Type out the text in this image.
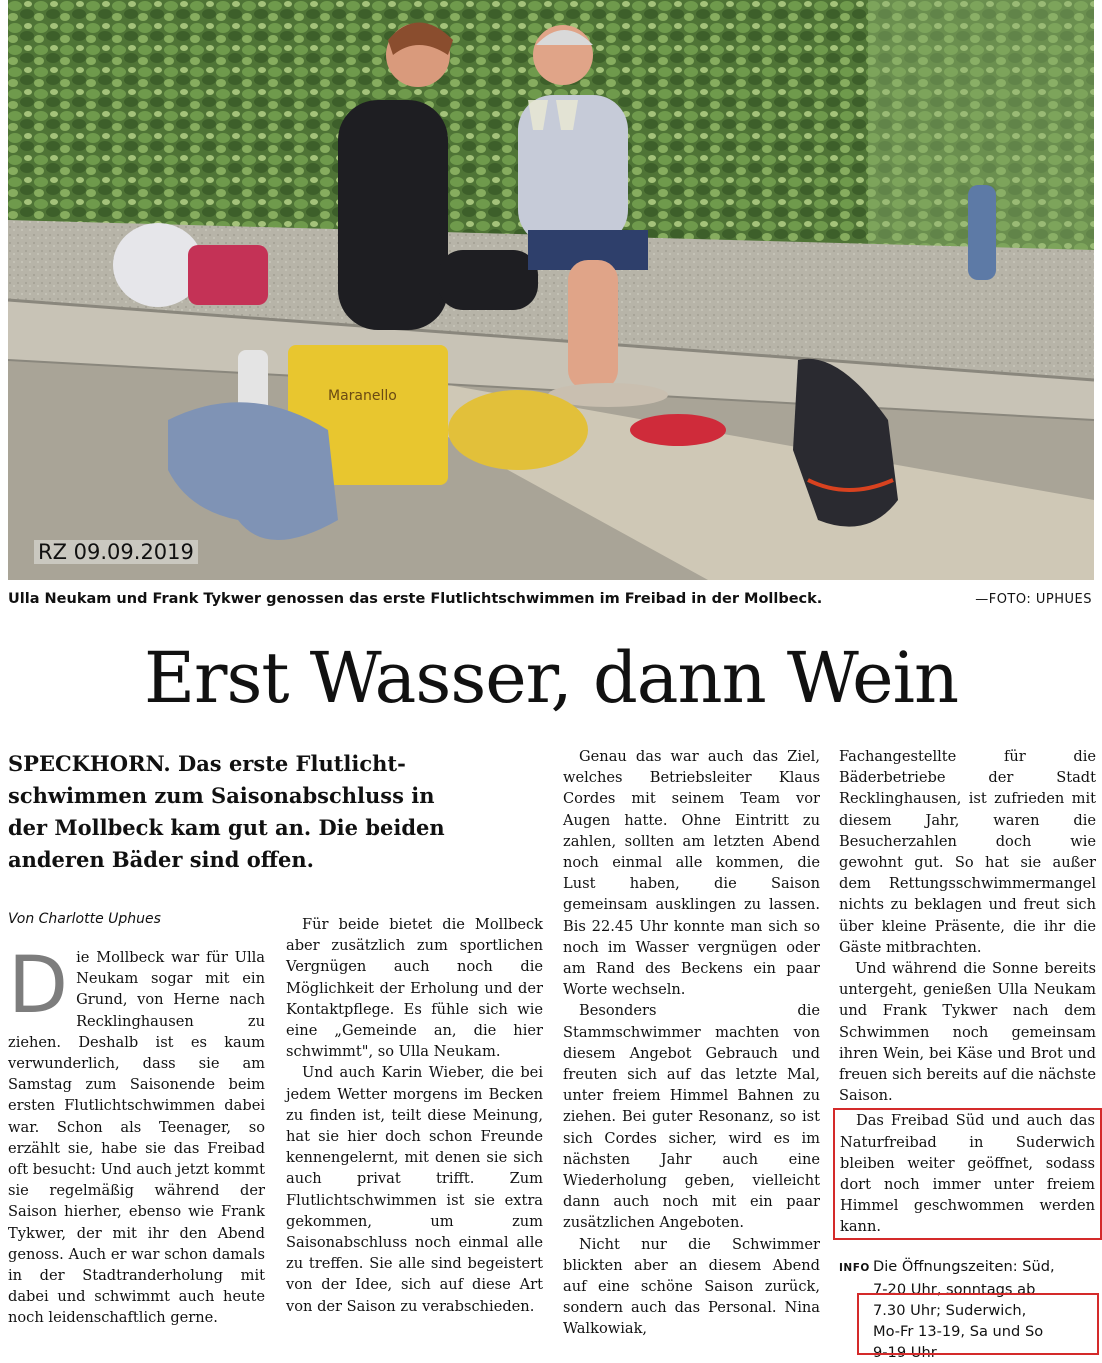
Maranello
RZ 09.09.2019
Ulla Neukam und Frank Tykwer genossen das erste Flutlichtschwimmen im Freibad in der Mollbeck.	—FOTO: UPHUES
Erst Wasser, dann Wein
SPECKHORN. Das erste Flutlicht-
schwimmen zum Saisonabschluss in
der Mollbeck kam gut an. Die beiden
anderen Bäder sind offen.
Von Charlotte Uphues
D ie Mollbeck war für Ulla Neukam sogar mit ein Grund, von Herne nach Recklinghausen zu ziehen. Deshalb ist es kaum verwunderlich, dass sie am Samstag zum Saisonende beim ersten Flutlichtschwimmen dabei war. Schon als Teenager, so erzählt sie, habe sie das Freibad oft besucht: Und auch jetzt kommt sie regelmäßig während der Saison hierher, ebenso wie Frank Tykwer, der mit ihr den Abend genoss. Auch er war schon damals in der Stadtranderholung mit dabei und schwimmt auch heute noch leidenschaftlich gerne.

Für beide bietet die Mollbeck aber zusätzlich zum sportlichen Vergnügen auch noch die Möglichkeit der Erholung und der Kontaktpflege. Es fühle sich wie eine „Gemeinde an, die hier schwimmt", so Ulla Neukam.

Und auch Karin Wieber, die bei jedem Wetter morgens im Becken zu finden ist, teilt diese Meinung, hat sie hier doch schon Freunde kennengelernt, mit denen sie sich auch privat trifft. Zum Flutlichtschwimmen ist sie extra gekommen, um zum Saisonabschluss noch einmal alle zu treffen. Sie alle sind begeistert von der Idee, sich auf diese Art von der Saison zu verabschieden.

Genau das war auch das Ziel, welches Betriebsleiter Klaus Cordes mit seinem Team vor Augen hatte. Ohne Eintritt zu zahlen, sollten am letzten Abend noch einmal alle kommen, die Lust haben, die Saison gemeinsam ausklingen zu lassen. Bis 22.45 Uhr konnte man sich so noch im Wasser vergnügen oder am Rand des Beckens ein paar Worte wechseln.

Besonders die Stammschwimmer machten von diesem Angebot Gebrauch und freuten sich auf das letzte Mal, unter freiem Himmel Bahnen zu ziehen. Bei guter Resonanz, so ist sich Cordes sicher, wird es im nächsten Jahr auch eine Wiederholung geben, vielleicht dann auch noch mit ein paar zusätzlichen Angeboten.

Nicht nur die Schwimmer blickten aber an diesem Abend auf eine schöne Saison zurück, sondern auch das Personal. Nina Walkowiak,

Fachangestellte für die Bäderbetriebe der Stadt Recklinghausen, ist zufrieden mit diesem Jahr, waren die Besucherzahlen doch wie gewohnt gut. So hat sie außer dem Rettungsschwimmermangel nichts zu beklagen und freut sich über kleine Präsente, die ihr die Gäste mitbrachten.

Und während die Sonne bereits untergeht, genießen Ulla Neukam und Frank Tykwer nach dem Schwimmen noch gemeinsam ihren Wein, bei Käse und Brot und freuen sich bereits auf die nächste Saison.

Das Freibad Süd und auch das Naturfreibad in Suderwich bleiben weiter geöffnet, sodass dort noch immer unter freiem Himmel geschwommen werden kann.

INFO Die Öffnungszeiten: Süd,
7-20 Uhr, sonntags ab
7.30 Uhr; Suderwich,
Mo-Fr 13-19, Sa und So
9-19 Uhr
